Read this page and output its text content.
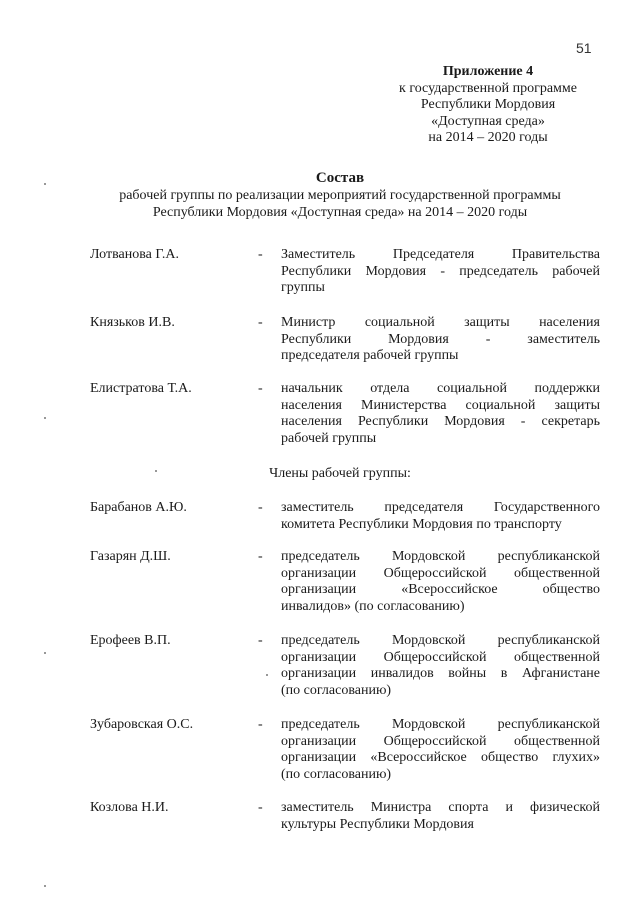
51
Приложение 4
к государственной программе
Республики Мордовия
«Доступная среда»
на 2014 – 2020 годы
Состав
рабочей группы по реализации мероприятий государственной программы
Республики Мордовия «Доступная среда» на 2014 – 2020 годы
Лотванова Г.А.	- Заместитель Председателя Правительства
Республики Мордовия - председатель рабочей
группы
Князьков И.В.	- Министр социальной защиты населения
Республики Мордовия - заместитель
председателя рабочей группы
Елистратова Т.А.	- начальник отдела социальной поддержки
населения Министерства социальной защиты
населения Республики Мордовия - секретарь
рабочей группы
Члены рабочей группы:
Барабанов А.Ю.	- заместитель председателя Государственного
комитета Республики Мордовия по транспорту
Газарян Д.Ш.	- председатель Мордовской республиканской
организации Общероссийской общественной
организации «Всероссийское общество
инвалидов» (по согласованию)
Ерофеев В.П.	- председатель Мордовской республиканской
организации Общероссийской общественной
организации инвалидов войны в Афганистане
(по согласованию)
Зубаровская О.С.	- председатель Мордовской республиканской
организации Общероссийской общественной
организации «Всероссийское общество глухих»
(по согласованию)
Козлова Н.И.	- заместитель Министра спорта и физической
культуры Республики Мордовия
